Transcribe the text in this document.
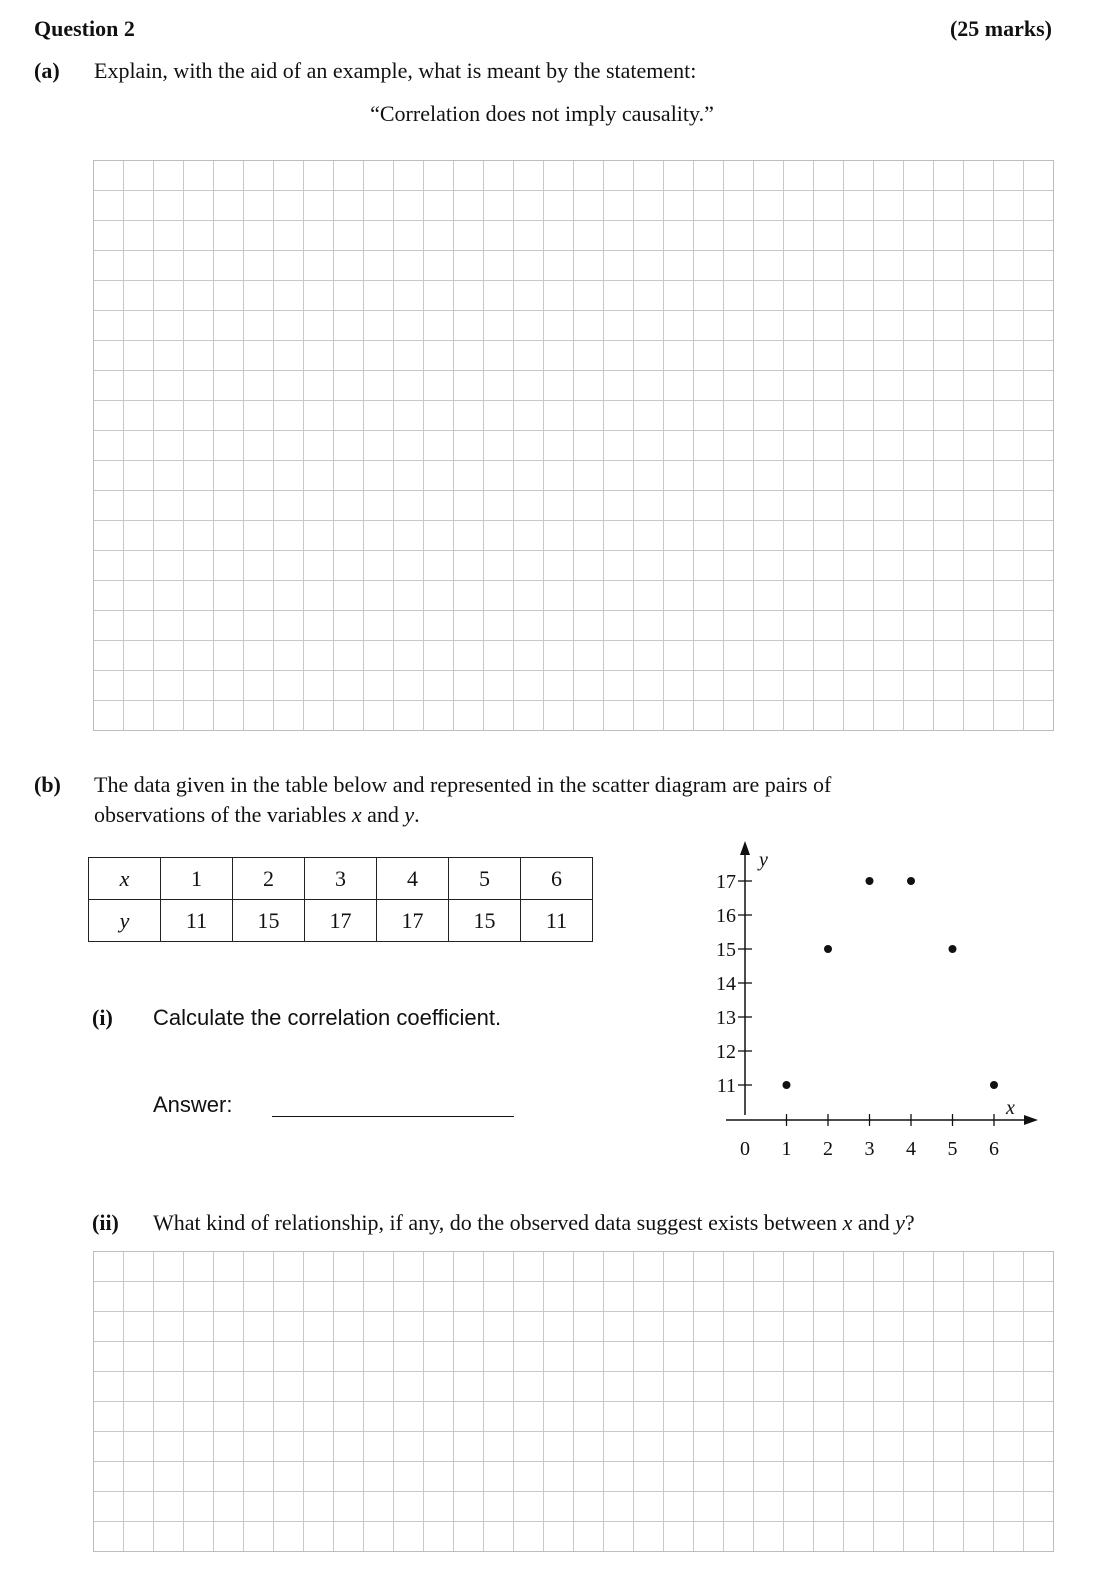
Question 2	(25 marks)
(a) Explain, with the aid of an example, what is meant by the statement:
“Correlation does not imply causality.”
(b) The data given in the table below and represented in the scatter diagram are pairs of
observations of the variables x and y.
x	1	2	3	4	5	6
y	11	15	17	17	15	11
(i) Calculate the correlation coefficient.
Answer:
y
x
11
12
13
14
15
16
17
0 1 2 3 4 5 6
(ii) What kind of relationship, if any, do the observed data suggest exists between x and y?
